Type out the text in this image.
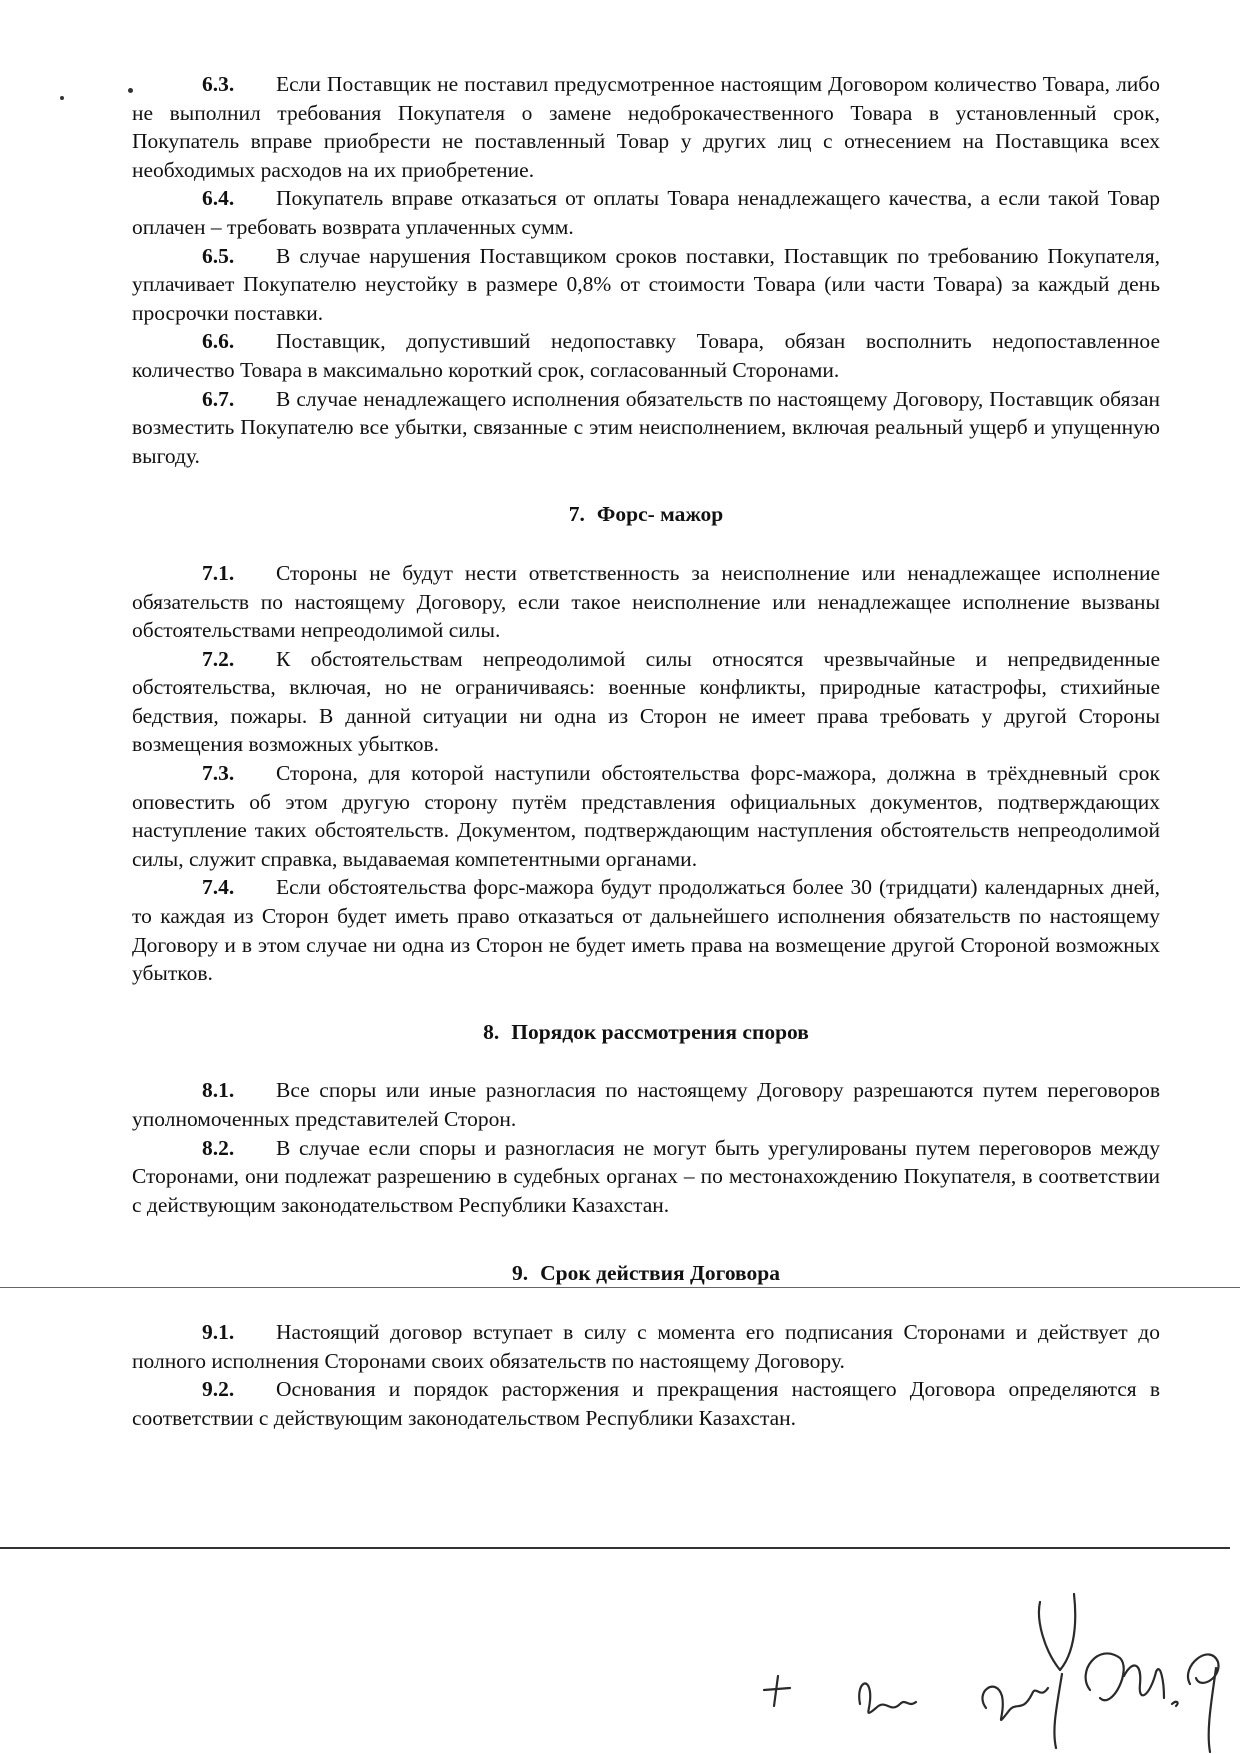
6.3. Если Поставщик не поставил предусмотренное настоящим Договором количество Товара, либо не выполнил требования Покупателя о замене недоброкачественного Товара в установленный срок, Покупатель вправе приобрести не поставленный Товар у других лиц с отнесением на Поставщика всех необходимых расходов на их приобретение.

6.4. Покупатель вправе отказаться от оплаты Товара ненадлежащего качества, а если такой Товар оплачен – требовать возврата уплаченных сумм.

6.5. В случае нарушения Поставщиком сроков поставки, Поставщик по требованию Покупателя, уплачивает Покупателю неустойку в размере 0,8% от стоимости Товара (или части Товара) за каждый день просрочки поставки.

6.6. Поставщик, допустивший недопоставку Товара, обязан восполнить недопоставленное количество Товара в максимально короткий срок, согласованный Сторонами.

6.7. В случае ненадлежащего исполнения обязательств по настоящему Договору, Поставщик обязан возместить Покупателю все убытки, связанные с этим неисполнением, включая реальный ущерб и упущенную выгоду.

7. Форс- мажор

7.1. Стороны не будут нести ответственность за неисполнение или ненадлежащее исполнение обязательств по настоящему Договору, если такое неисполнение или ненадлежащее исполнение вызваны обстоятельствами непреодолимой силы.

7.2. К обстоятельствам непреодолимой силы относятся чрезвычайные и непредвиденные обстоятельства, включая, но не ограничиваясь: военные конфликты, природные катастрофы, стихийные бедствия, пожары. В данной ситуации ни одна из Сторон не имеет права требовать у другой Стороны возмещения возможных убытков.

7.3. Сторона, для которой наступили обстоятельства форс-мажора, должна в трёхдневный срок оповестить об этом другую сторону путём представления официальных документов, подтверждающих наступление таких обстоятельств. Документом, подтверждающим наступления обстоятельств непреодолимой силы, служит справка, выдаваемая компетентными органами.

7.4. Если обстоятельства форс-мажора будут продолжаться более 30 (тридцати) календарных дней, то каждая из Сторон будет иметь право отказаться от дальнейшего исполнения обязательств по настоящему Договору и в этом случае ни одна из Сторон не будет иметь права на возмещение другой Стороной возможных убытков.

8. Порядок рассмотрения споров

8.1. Все споры или иные разногласия по настоящему Договору разрешаются путем переговоров уполномоченных представителей Сторон.

8.2. В случае если споры и разногласия не могут быть урегулированы путем переговоров между Сторонами, они подлежат разрешению в судебных органах – по местонахождению Покупателя, в соответствии с действующим законодательством Республики Казахстан.

9. Срок действия Договора

9.1. Настоящий договор вступает в силу с момента его подписания Сторонами и действует до полного исполнения Сторонами своих обязательств по настоящему Договору.

9.2. Основания и порядок расторжения и прекращения настоящего Договора определяются в соответствии с действующим законодательством Республики Казахстан.
